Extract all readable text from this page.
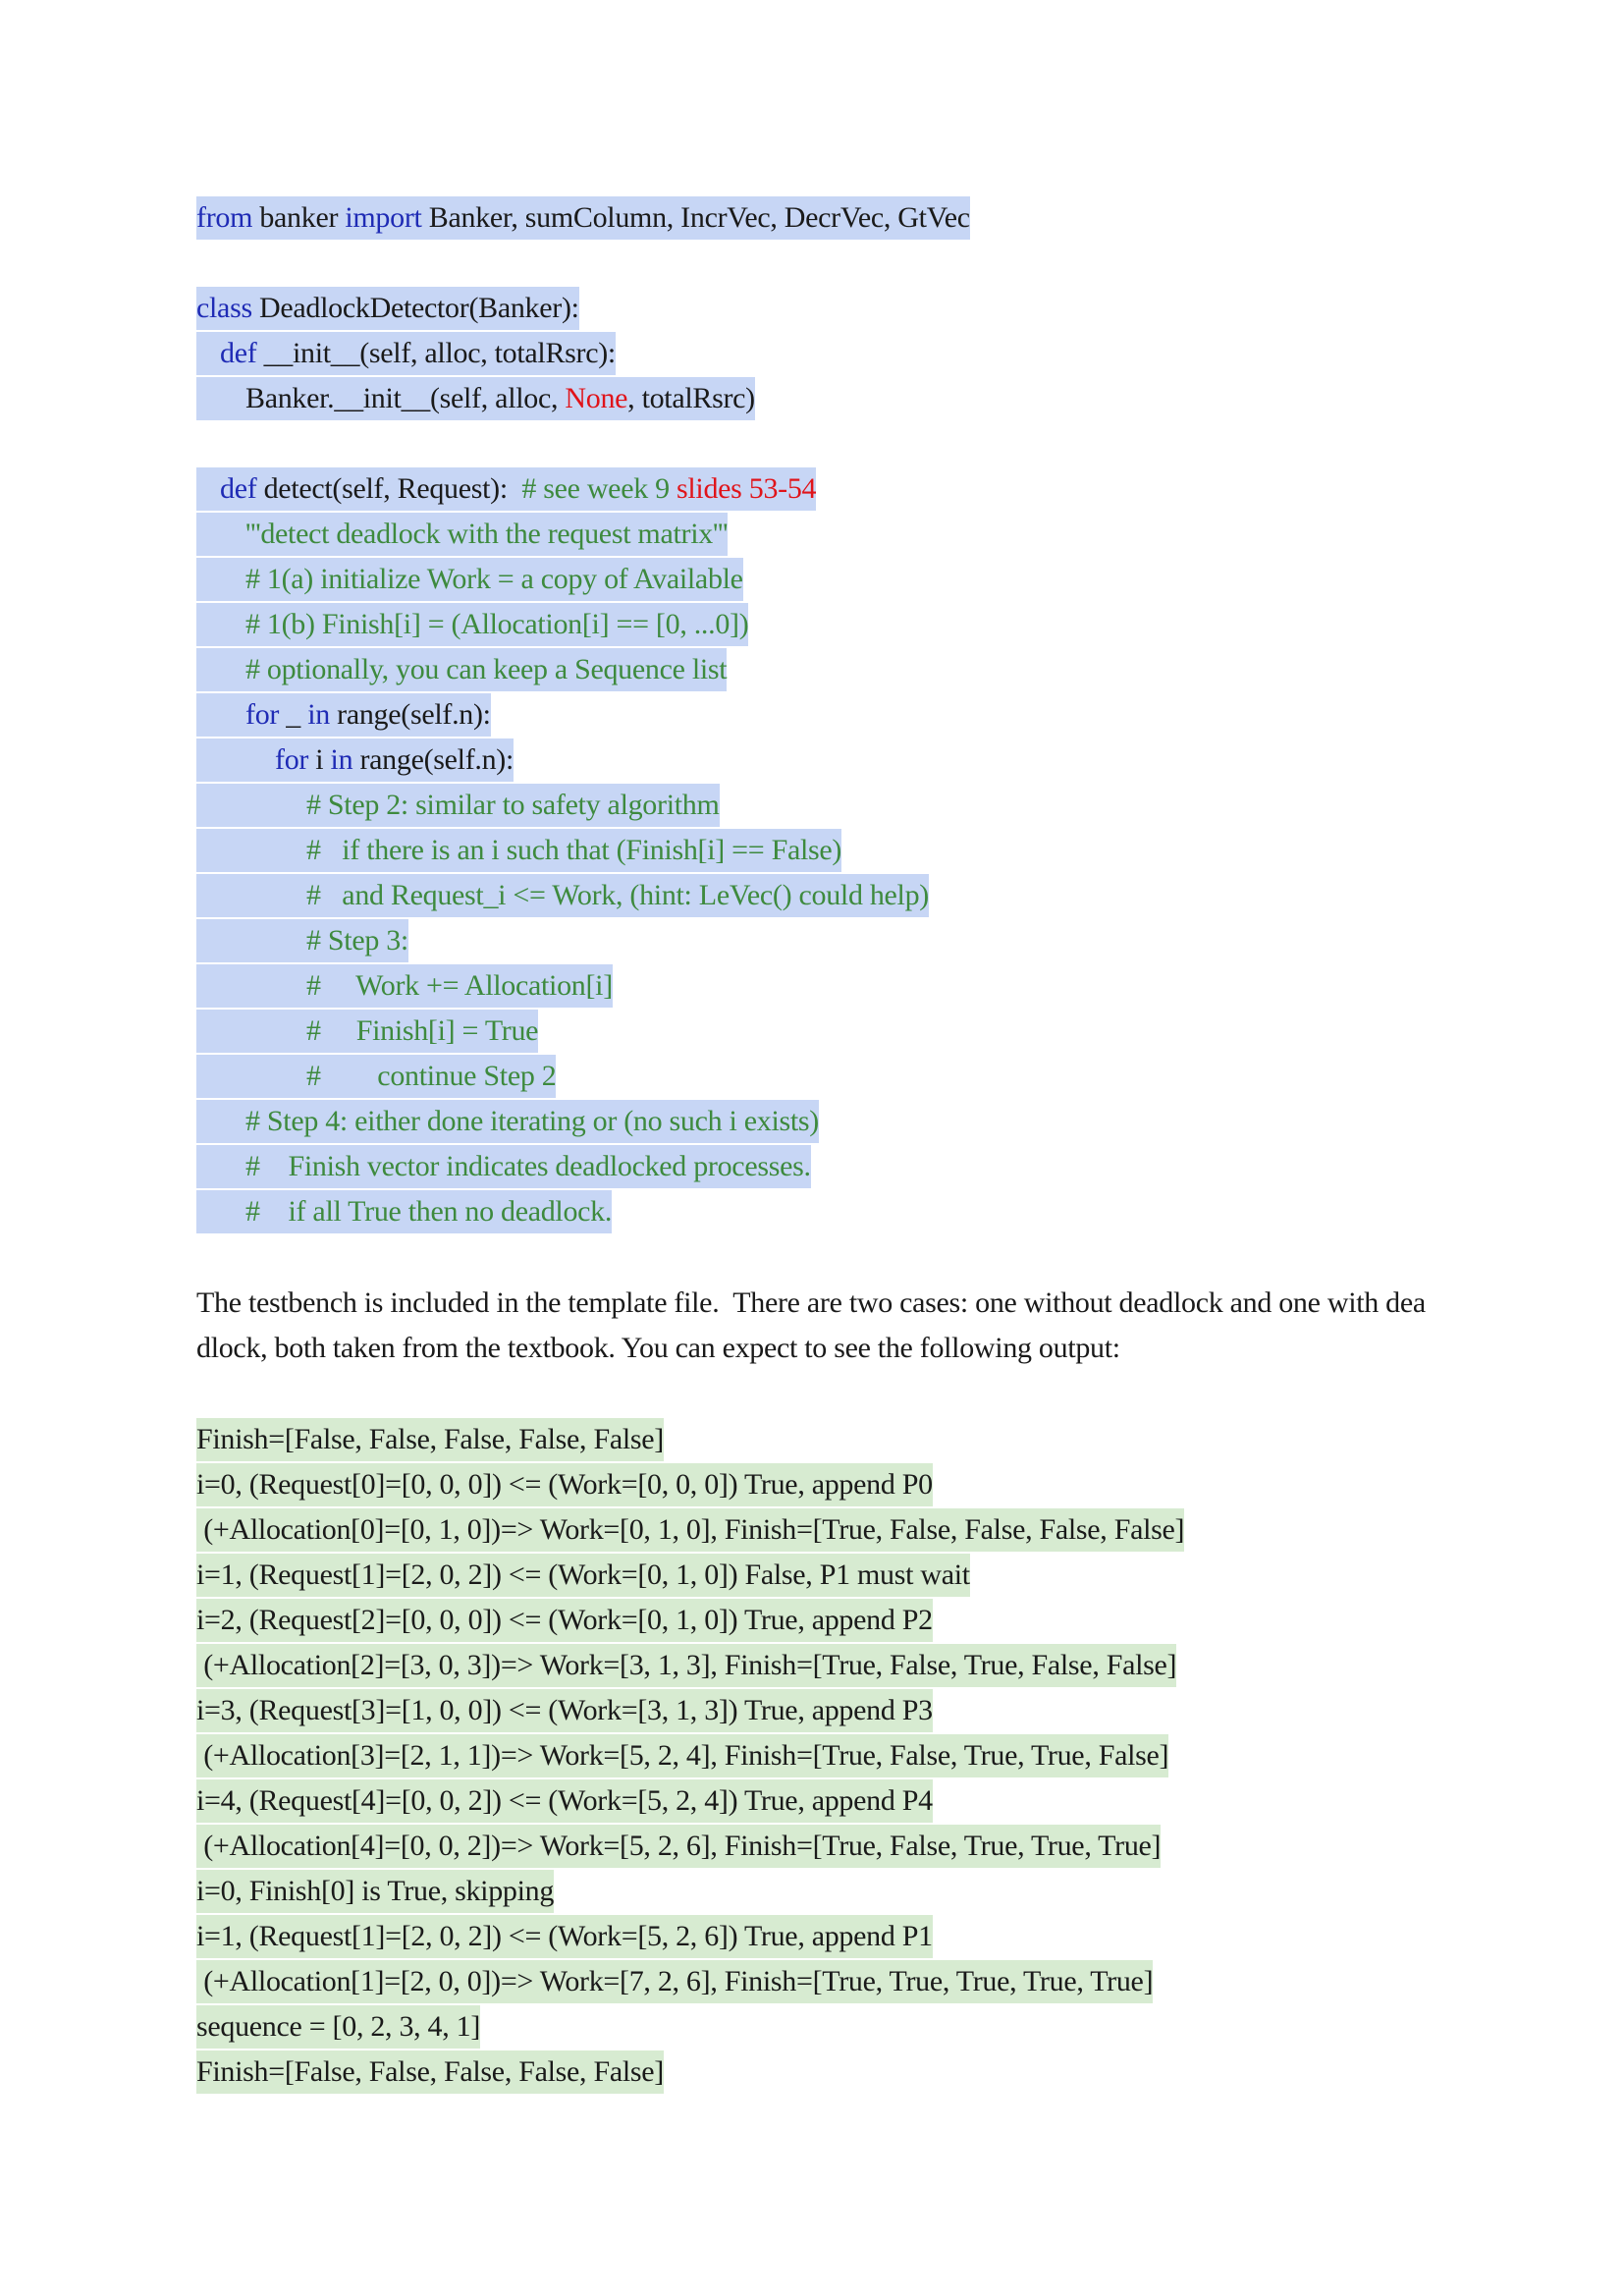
from banker import Banker, sumColumn, IncrVec, DecrVec, GtVec
class DeadlockDetector(Banker):
def __init__(self, alloc, totalRsrc):
Banker.__init__(self, alloc, None, totalRsrc)
def detect(self, Request):  # see week 9 slides 53-54
'''detect deadlock with the request matrix'''
# 1(a) initialize Work = a copy of Available
# 1(b) Finish[i] = (Allocation[i] == [0, ...0])
# optionally, you can keep a Sequence list
for _ in range(self.n):
for i in range(self.n):
# Step 2: similar to safety algorithm
#   if there is an i such that (Finish[i] == False)
#   and Request_i <= Work, (hint: LeVec() could help)
# Step 3:
#     Work += Allocation[i]
#     Finish[i] = True
#        continue Step 2
# Step 4: either done iterating or (no such i exists)
#    Finish vector indicates deadlocked processes.
#    if all True then no deadlock.
The testbench is included in the template file.  There are two cases: one without deadlock and one with dea
dlock, both taken from the textbook. You can expect to see the following output:
Finish=[False, False, False, False, False]
i=0, (Request[0]=[0, 0, 0]) <= (Work=[0, 0, 0]) True, append P0
(+Allocation[0]=[0, 1, 0])=> Work=[0, 1, 0], Finish=[True, False, False, False, False]
i=1, (Request[1]=[2, 0, 2]) <= (Work=[0, 1, 0]) False, P1 must wait
i=2, (Request[2]=[0, 0, 0]) <= (Work=[0, 1, 0]) True, append P2
(+Allocation[2]=[3, 0, 3])=> Work=[3, 1, 3], Finish=[True, False, True, False, False]
i=3, (Request[3]=[1, 0, 0]) <= (Work=[3, 1, 3]) True, append P3
(+Allocation[3]=[2, 1, 1])=> Work=[5, 2, 4], Finish=[True, False, True, True, False]
i=4, (Request[4]=[0, 0, 2]) <= (Work=[5, 2, 4]) True, append P4
(+Allocation[4]=[0, 0, 2])=> Work=[5, 2, 6], Finish=[True, False, True, True, True]
i=0, Finish[0] is True, skipping
i=1, (Request[1]=[2, 0, 2]) <= (Work=[5, 2, 6]) True, append P1
(+Allocation[1]=[2, 0, 0])=> Work=[7, 2, 6], Finish=[True, True, True, True, True]
sequence = [0, 2, 3, 4, 1]
Finish=[False, False, False, False, False]
